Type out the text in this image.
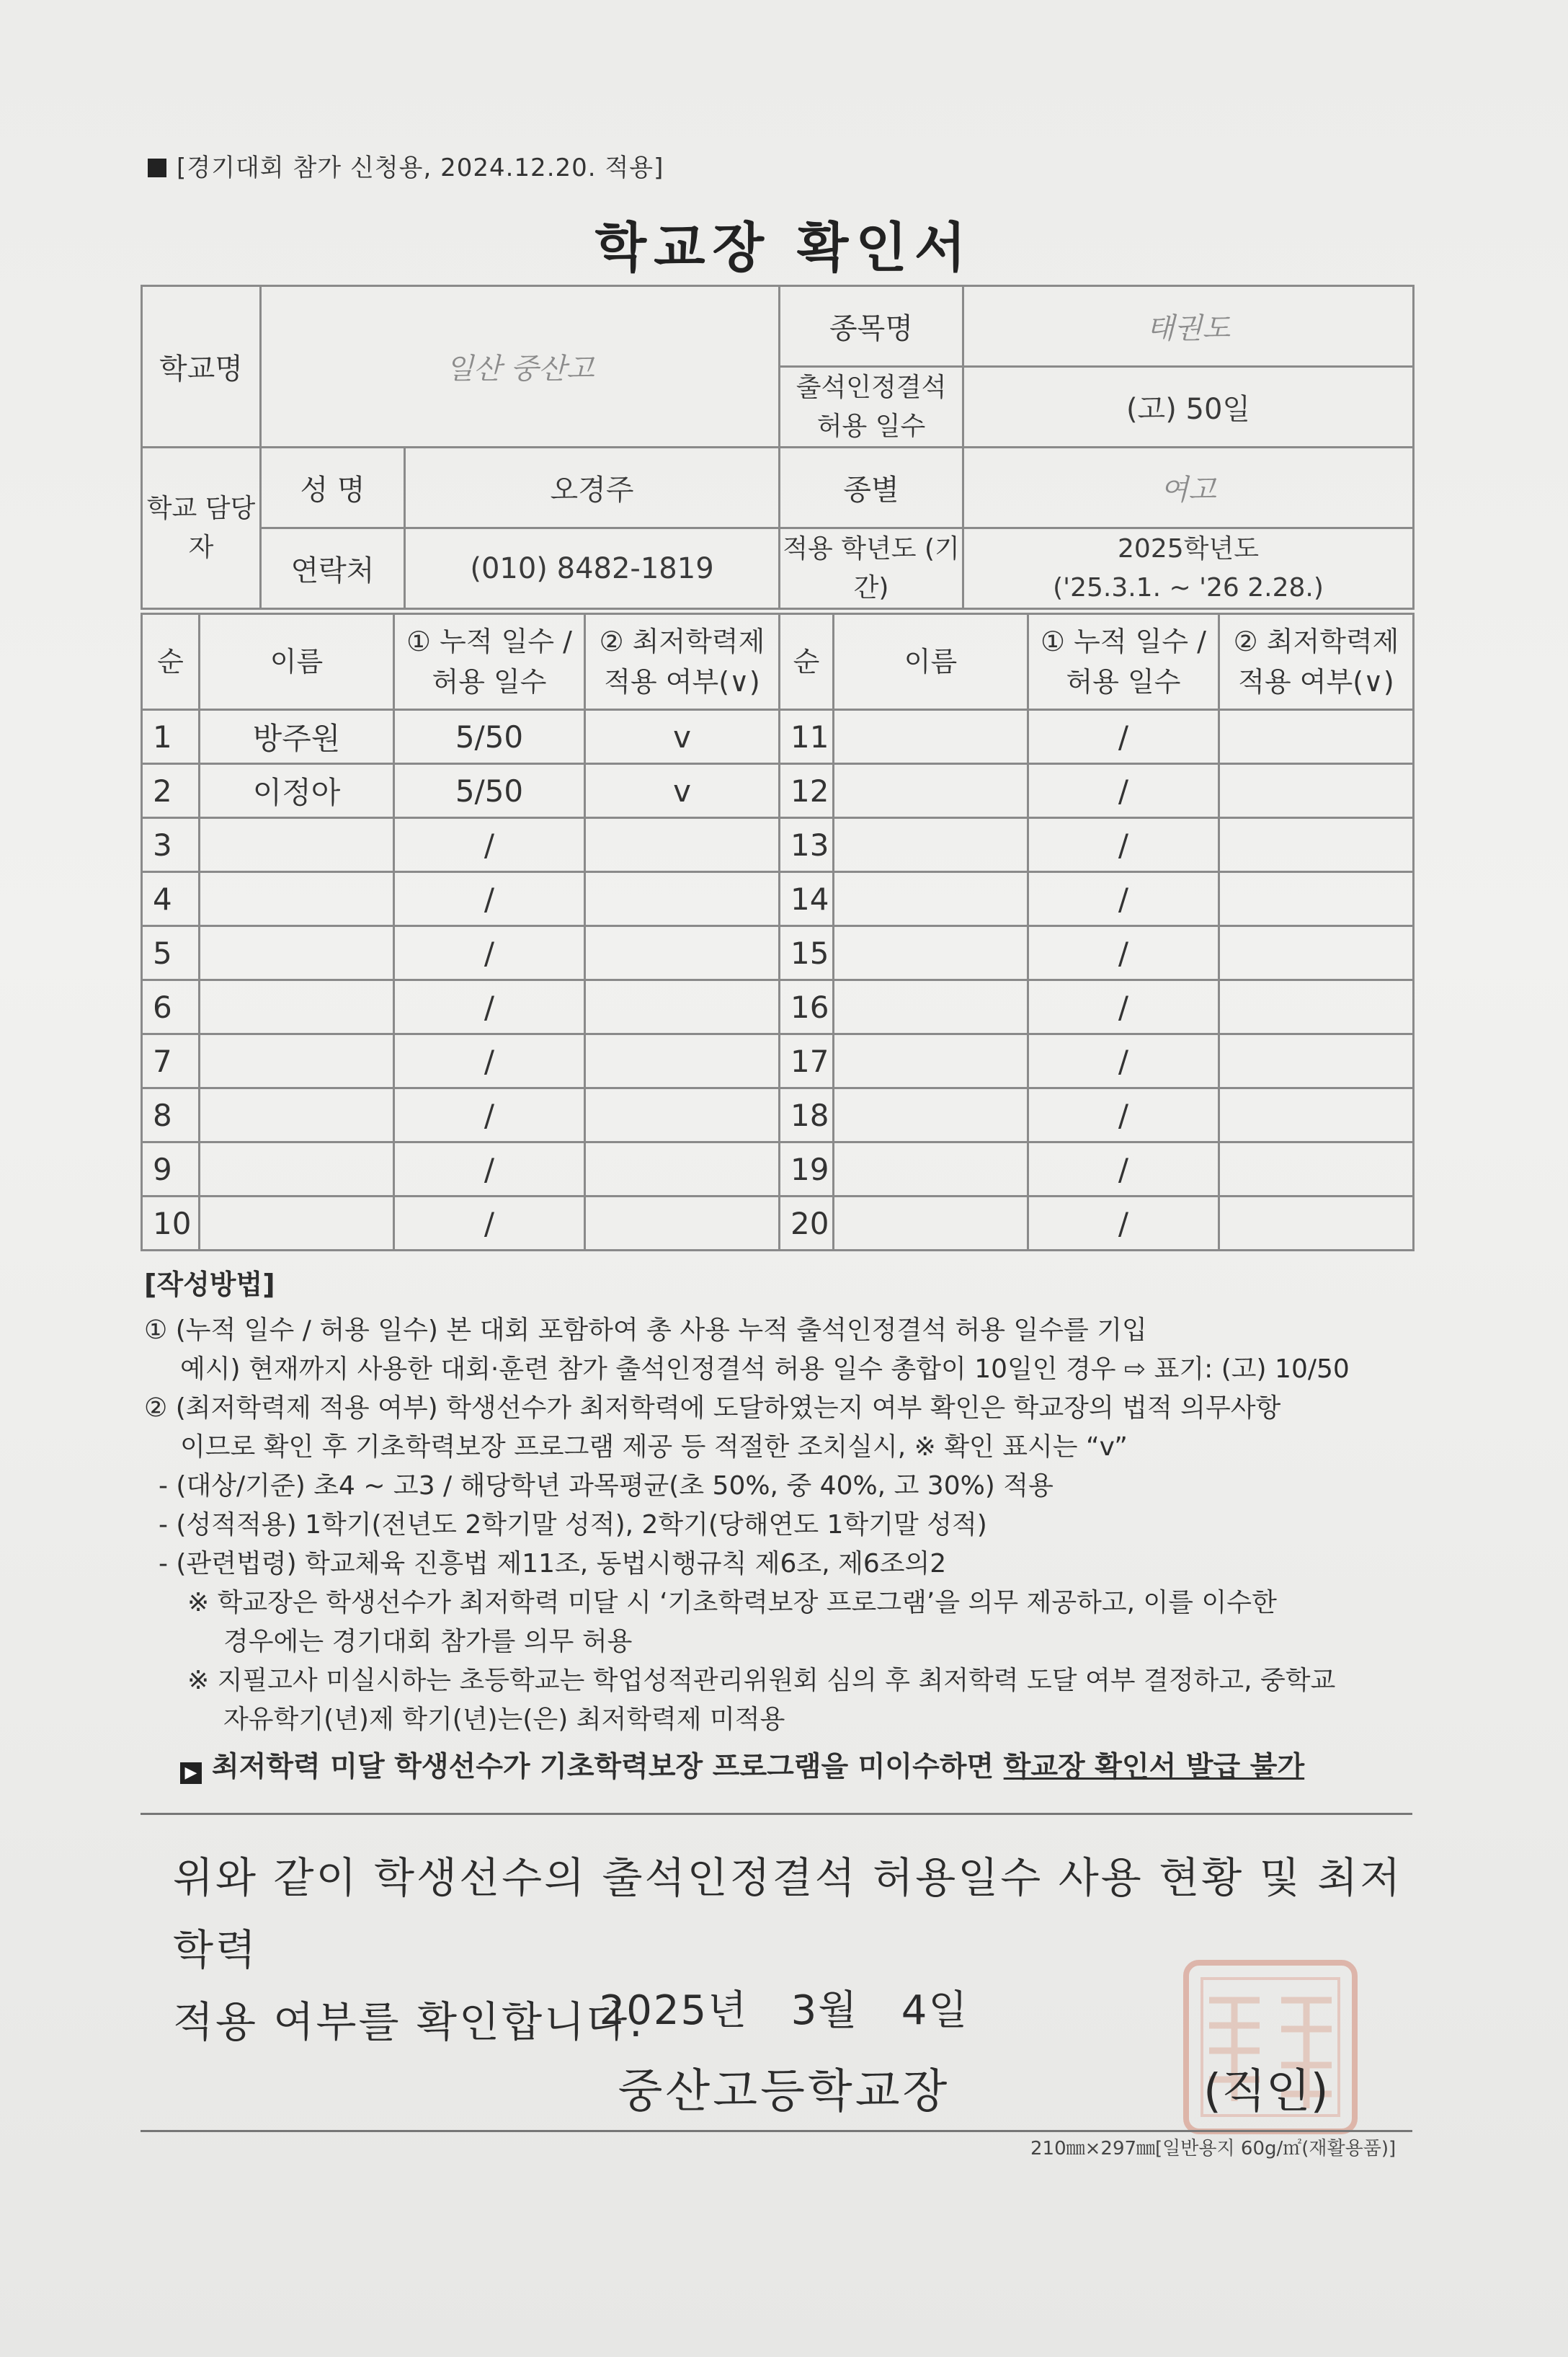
[경기대회 참가 신청용, 2024.12.20. 적용]
학교장 확인서
학교명	일산 중산고		종목명	태권도
			출석인정결석 허용 일수	(고) 50일
학교 담당자	성 명	오경주	종별	여고
	연락처	(010) 8482-1819	적용 학년도 (기간)	2025학년도
('25.3.1. ~ '26 2.28.)
순	이름	① 누적 일수 / 허용 일수	② 최저학력제 적용 여부(∨)	순	이름	① 누적 일수 / 허용 일수	② 최저학력제 적용 여부(∨)
1	방주원	5/50	v	11		/	
2	이정아	5/50	v	12		/	
3		/		13		/	
4		/		14		/	
5		/		15		/	
6		/		16		/	
7		/		17		/	
8		/		18		/	
9		/		19		/	
10		/		20		/	
[작성방법]

① (누적 일수 / 허용 일수) 본 대회 포함하여 총 사용 누적 출석인정결석 허용 일수를 기입

예시) 현재까지 사용한 대회·훈련 참가 출석인정결석 허용 일수 총합이 10일인 경우 ⇨ 표기: (고) 10/50

② (최저학력제 적용 여부) 학생선수가 최저학력에 도달하였는지 여부 확인은 학교장의 법적 의무사항

이므로 확인 후 기초학력보장 프로그램 제공 등 적절한 조치실시, ※ 확인 표시는 “v”

- (대상/기준) 초4 ~ 고3 / 해당학년 과목평균(초 50%, 중 40%, 고 30%) 적용

- (성적적용) 1학기(전년도 2학기말 성적), 2학기(당해연도 1학기말 성적)

- (관련법령) 학교체육 진흥법 제11조, 동법시행규칙 제6조, 제6조의2

※ 학교장은 학생선수가 최저학력 미달 시 ‘기초학력보장 프로그램’을 의무 제공하고, 이를 이수한

경우에는 경기대회 참가를 의무 허용

※ 지필고사 미실시하는 초등학교는 학업성적관리위원회 심의 후 최저학력 도달 여부 결정하고, 중학교

자유학기(년)제 학기(년)는(은) 최저학력제 미적용

▶ 최저학력 미달 학생선수가 기초학력보장 프로그램을 미이수하면 학교장 확인서 발급 불가

위와 같이 학생선수의 출석인정결석 허용일수 사용 현황 및 최저학력

적용 여부를 확인합니다.

2025년   3월   4일
중산고등학교장	(직인)
210㎜×297㎜[일반용지 60g/㎡(재활용품)]
